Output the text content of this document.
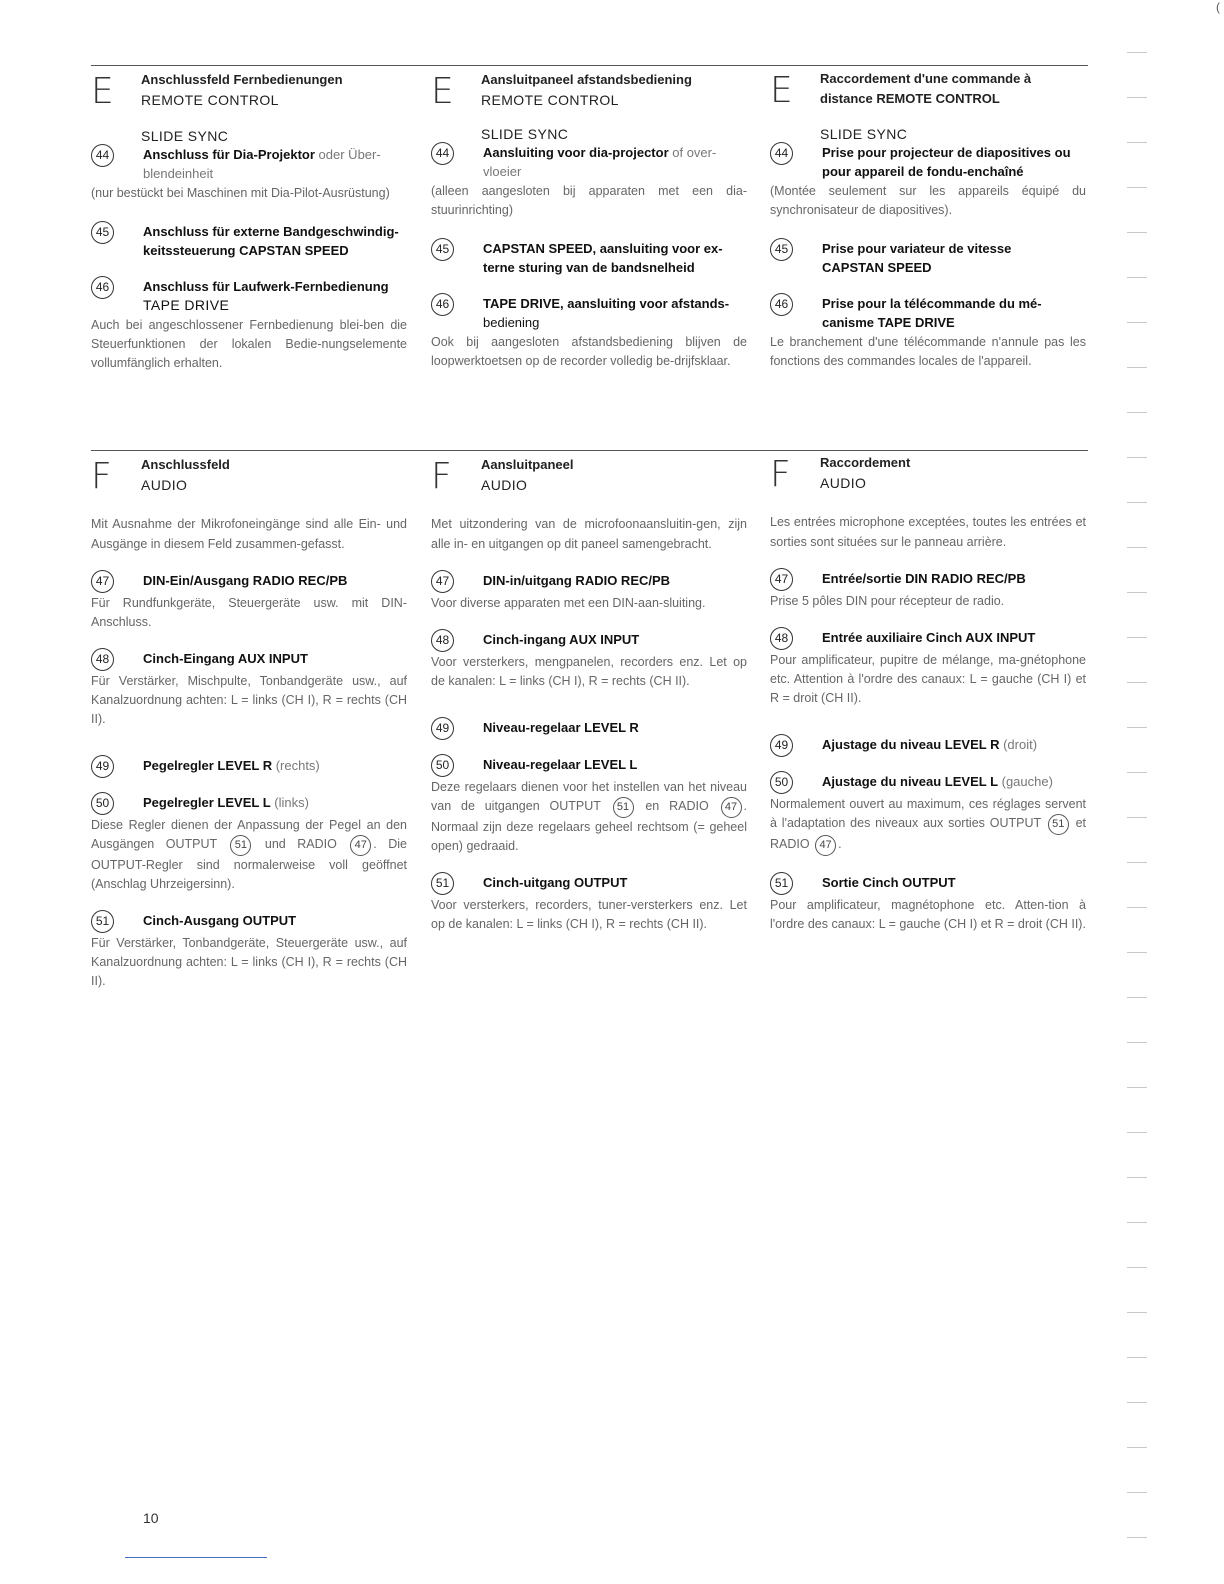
(
E Anschlussfeld Fernbedienungen
REMOTE CONTROL
SLIDE SYNC
44	Anschluss für Dia-Projektor oder Über-
blendeinheit
(nur bestückt bei Maschinen mit Dia-Pilot-Ausrüstung)
45	Anschluss für externe Bandgeschwindig-
keitssteuerung CAPSTAN SPEED
46	Anschluss für Laufwerk-Fernbedienung
TAPE DRIVE
Auch bei angeschlossener Fernbedienung blei-ben die Steuerfunktionen der lokalen Bedie-nungselemente vollumfänglich erhalten.
E Aansluitpaneel afstandsbediening
REMOTE CONTROL
SLIDE SYNC
44	Aansluiting voor dia-projector of over-
vloeier
(alleen aangesloten bij apparaten met een dia-stuurinrichting)
45	CAPSTAN SPEED, aansluiting voor ex-
terne sturing van de bandsnelheid
46	TAPE DRIVE, aansluiting voor afstands-
bediening
Ook bij aangesloten afstandsbediening blijven de loopwerktoetsen op de recorder volledig be-drijfsklaar.
E Raccordement d'une commande à
distance REMOTE CONTROL
SLIDE SYNC
44	Prise pour projecteur de diapositives ou
pour appareil de fondu-enchaîné
(Montée seulement sur les appareils équipé du synchronisateur de diapositives).
45	Prise pour variateur de vitesse
CAPSTAN SPEED
46	Prise pour la télécommande du mé-
canisme TAPE DRIVE
Le branchement d'une télécommande n'annule pas les fonctions des commandes locales de l'appareil.
F Anschlussfeld
AUDIO
Mit Ausnahme der Mikrofoneingänge sind alle Ein- und Ausgänge in diesem Feld zusammen-gefasst.
47	DIN-Ein/Ausgang RADIO REC/PB
Für Rundfunkgeräte, Steuergeräte usw. mit DIN-Anschluss.
48	Cinch-Eingang AUX INPUT
Für Verstärker, Mischpulte, Tonbandgeräte usw., auf Kanalzuordnung achten: L = links (CH I), R = rechts (CH II).
49	Pegelregler LEVEL R (rechts)
50	Pegelregler LEVEL L (links)
Diese Regler dienen der Anpassung der Pegel an den Ausgängen OUTPUT 51 und RADIO 47 . Die OUTPUT-Regler sind normalerweise voll geöffnet (Anschlag Uhrzeigersinn).
51	Cinch-Ausgang OUTPUT
Für Verstärker, Tonbandgeräte, Steuergeräte usw., auf Kanalzuordnung achten: L = links (CH I), R = rechts (CH II).
F Aansluitpaneel
AUDIO
Met uitzondering van de microfoonaansluitin-gen, zijn alle in- en uitgangen op dit paneel samengebracht.
47	DIN-in/uitgang RADIO REC/PB
Voor diverse apparaten met een DIN-aan-sluiting.
48	Cinch-ingang AUX INPUT
Voor versterkers, mengpanelen, recorders enz. Let op de kanalen: L = links (CH I), R = rechts (CH II).
49	Niveau-regelaar LEVEL R
50	Niveau-regelaar LEVEL L
Deze regelaars dienen voor het instellen van het niveau van de uitgangen OUTPUT 51 en RADIO 47 . Normaal zijn deze regelaars geheel rechtsom (= geheel open) gedraaid.
51	Cinch-uitgang OUTPUT
Voor versterkers, recorders, tuner-versterkers enz. Let op de kanalen: L = links (CH I), R = rechts (CH II).
F Raccordement
AUDIO
Les entrées microphone exceptées, toutes les entrées et sorties sont situées sur le panneau arrière.
47	Entrée/sortie DIN RADIO REC/PB
Prise 5 pôles DIN pour récepteur de radio.
48	Entrée auxiliaire Cinch AUX INPUT
Pour amplificateur, pupitre de mélange, ma-gnétophone etc. Attention à l'ordre des canaux: L = gauche (CH I) et R = droit (CH II).
49	Ajustage du niveau LEVEL R (droit)
50	Ajustage du niveau LEVEL L (gauche)
Normalement ouvert au maximum, ces réglages servent à l'adaptation des niveaux aux sorties OUTPUT 51 et RADIO 47 .
51	Sortie Cinch OUTPUT
Pour amplificateur, magnétophone etc. Atten-tion à l'ordre des canaux: L = gauche (CH I) et R = droit (CH II).
10
